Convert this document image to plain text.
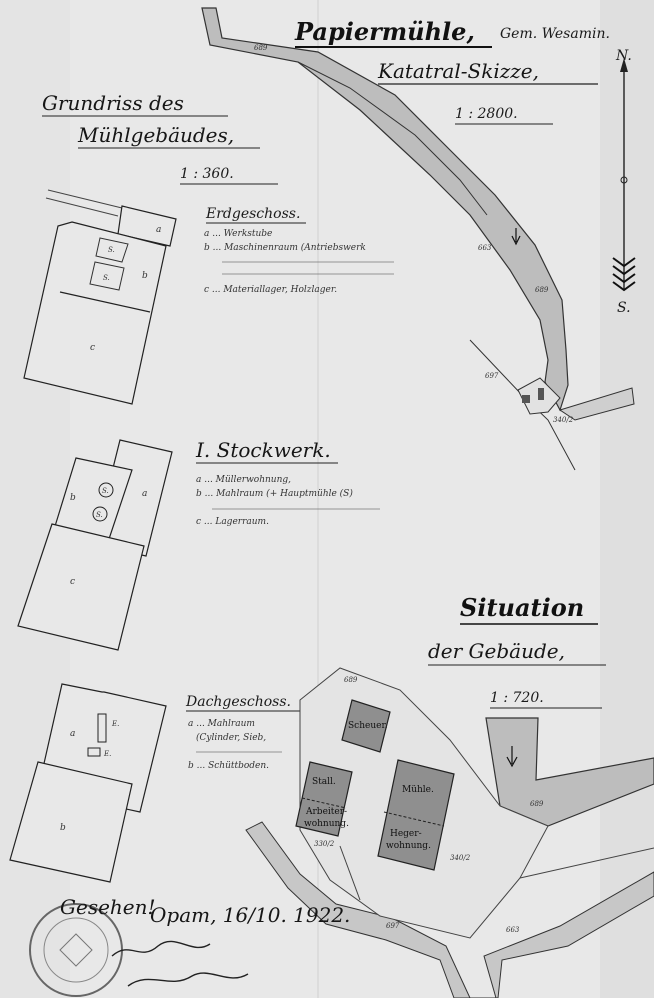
Papiermühle, Gem. Wesamin.
Katatral-Skizze,
1 : 2800.
N.
S.
689
689
663
697
340/2
Grundriss des
Mühlgebäudes,
1 : 360.
a
b
c
S.
S.
Erdgeschoss.
a ... Werkstube
b ... Maschinenraum (Antriebswerk
c ... Materiallager, Holzlager.
b	a
c
S.
S.
I. Stockwerk.
a ... Müllerwohnung,
b ... Mahlraum (+ Hauptmühle (S)
c ... Lagerraum.
a
b
E.
E.
Dachgeschoss.
a ... Mahlraum
(Cylinder, Sieb,
b ... Schüttboden.
Situation
der Gebäude,
1 : 720.
Scheuer.
Stall.
Arbeiter-
wohnung.
Mühle.
Heger-
wohnung.
689
330/2
340/2
697	663
689
Gesehen!
Opam, 16/10. 1922.
